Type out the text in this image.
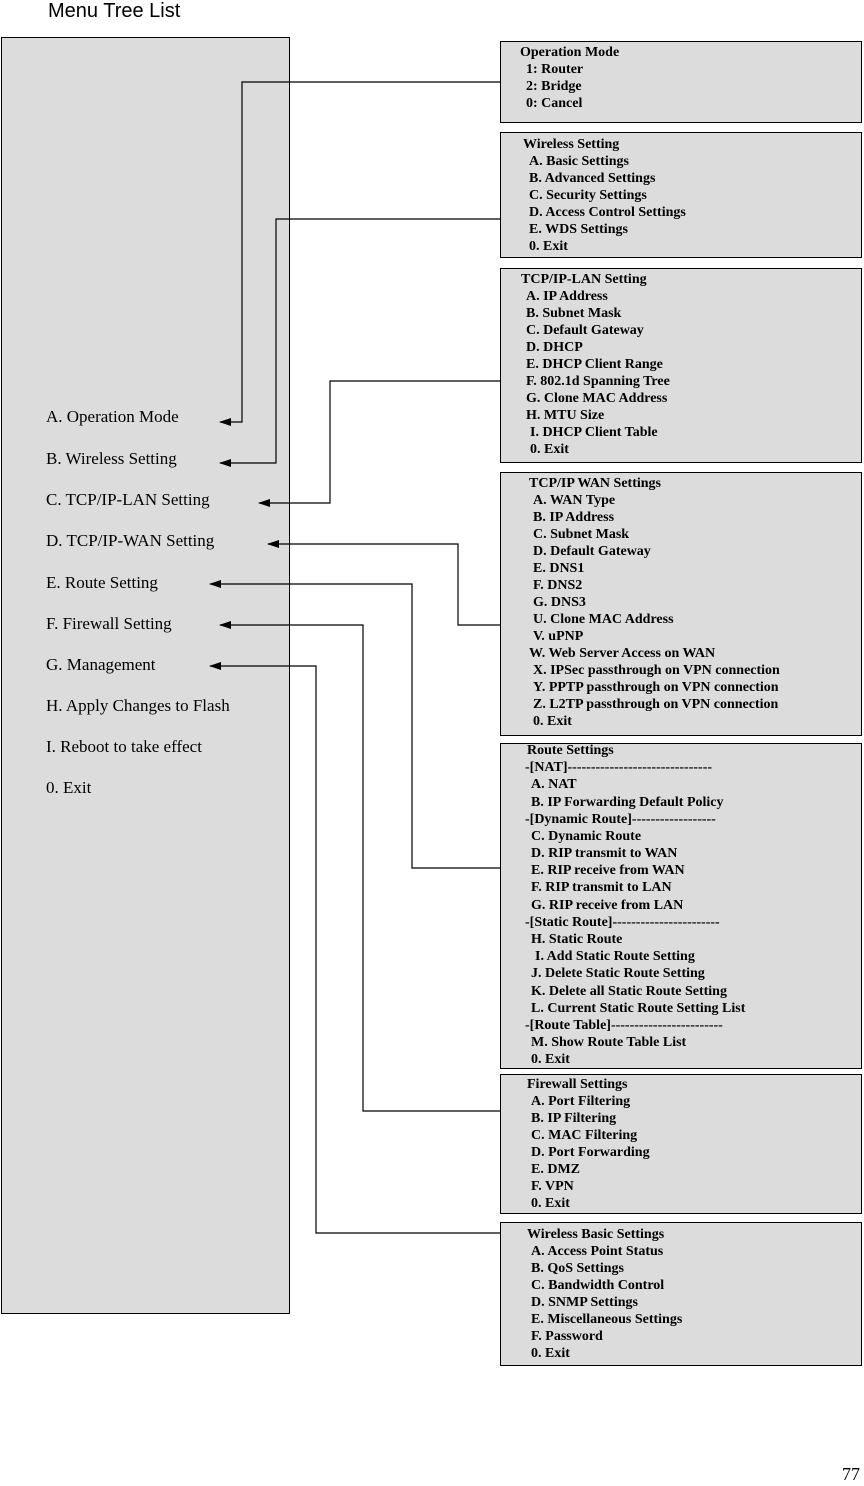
Menu Tree List
A. Operation Mode
B. Wireless Setting
C. TCP/IP-LAN Setting
D. TCP/IP-WAN Setting
E. Route Setting
F. Firewall Setting
G. Management
H. Apply Changes to Flash
I. Reboot to take effect
0. Exit
Operation Mode
1: Router
2: Bridge
0: Cancel
Wireless Setting
A. Basic Settings
B. Advanced Settings
C. Security Settings
D. Access Control Settings
E. WDS Settings
0. Exit
TCP/IP-LAN Setting
A. IP Address
B. Subnet Mask
C. Default Gateway
D. DHCP
E. DHCP Client Range
F. 802.1d Spanning Tree
G. Clone MAC Address
H. MTU Size
I. DHCP Client Table
0. Exit
TCP/IP WAN Settings
A. WAN Type
B. IP Address
C. Subnet Mask
D. Default Gateway
E. DNS1
F. DNS2
G. DNS3
U. Clone MAC Address
V. uPNP
W. Web Server Access on WAN
X. IPSec passthrough on VPN connection
Y. PPTP passthrough on VPN connection
Z. L2TP passthrough on VPN connection
0. Exit
Route Settings
-[NAT]-------------------------------
A. NAT
B. IP Forwarding Default Policy
-[Dynamic Route]------------------
C. Dynamic Route
D. RIP transmit to WAN
E. RIP receive from WAN
F. RIP transmit to LAN
G. RIP receive from LAN
-[Static Route]-----------------------
H. Static Route
I. Add Static Route Setting
J. Delete Static Route Setting
K. Delete all Static Route Setting
L. Current Static Route Setting List
-[Route Table]------------------------
M. Show Route Table List
0. Exit
Firewall Settings
A. Port Filtering
B. IP Filtering
C. MAC Filtering
D. Port Forwarding
E. DMZ
F. VPN
0. Exit
Wireless Basic Settings
A. Access Point Status
B. QoS Settings
C. Bandwidth Control
D. SNMP Settings
E. Miscellaneous Settings
F. Password
0. Exit
77
